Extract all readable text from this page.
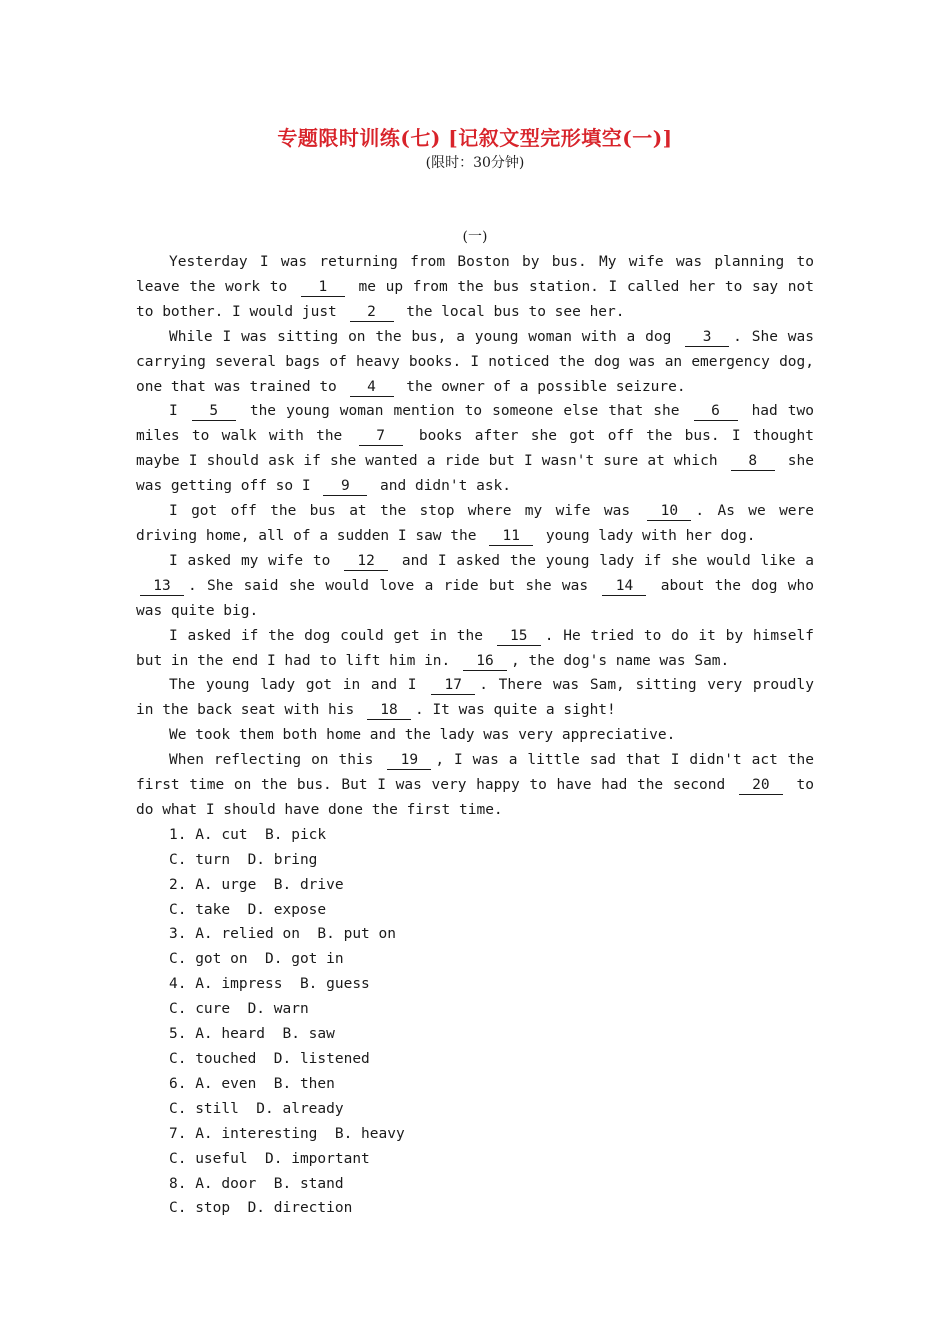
专题限时训练(七) [记叙文型完形填空(一)]
(限时：30分钟)
(一)

Yesterday I was returning from Boston by bus. My wife was planning to leave the work to 1 me up from the bus station. I called her to say not to bother. I would just 2 the local bus to see her.

While I was sitting on the bus, a young woman with a dog 3 . She was carrying several bags of heavy books. I noticed the dog was an emergency dog, one that was trained to 4 the owner of a possible seizure.

I 5 the young woman mention to someone else that she 6 had two miles to walk with the 7 books after she got off the bus. I thought maybe I should ask if she wanted a ride but I wasn't sure at which 8 she was getting off so I 9 and didn't ask.

I got off the bus at the stop where my wife was 10 . As we were driving home, all of a sudden I saw the 11 young lady with her dog.

I asked my wife to 12 and I asked the young lady if she would like a 13 . She said she would love a ride but she was 14 about the dog who was quite big.

I asked if the dog could get in the 15 . He tried to do it by himself but in the end I had to lift him in. 16 , the dog's name was Sam.

The young lady got in and I 17 . There was Sam, sitting very proudly in the back seat with his 18 . It was quite a sight!

We took them both home and the lady was very appreciative.

When reflecting on this 19 , I was a little sad that I didn't act the first time on the bus. But I was very happy to have had the second 20 to do what I should have done the first time.

1. A. cut  B. pick
C. turn  D. bring
2. A. urge  B. drive
C. take  D. expose
3. A. relied on  B. put on
C. got on  D. got in
4. A. impress  B. guess
C. cure  D. warn
5. A. heard  B. saw
C. touched  D. listened
6. A. even  B. then
C. still  D. already
7. A. interesting  B. heavy
C. useful  D. important
8. A. door  B. stand
C. stop  D. direction
